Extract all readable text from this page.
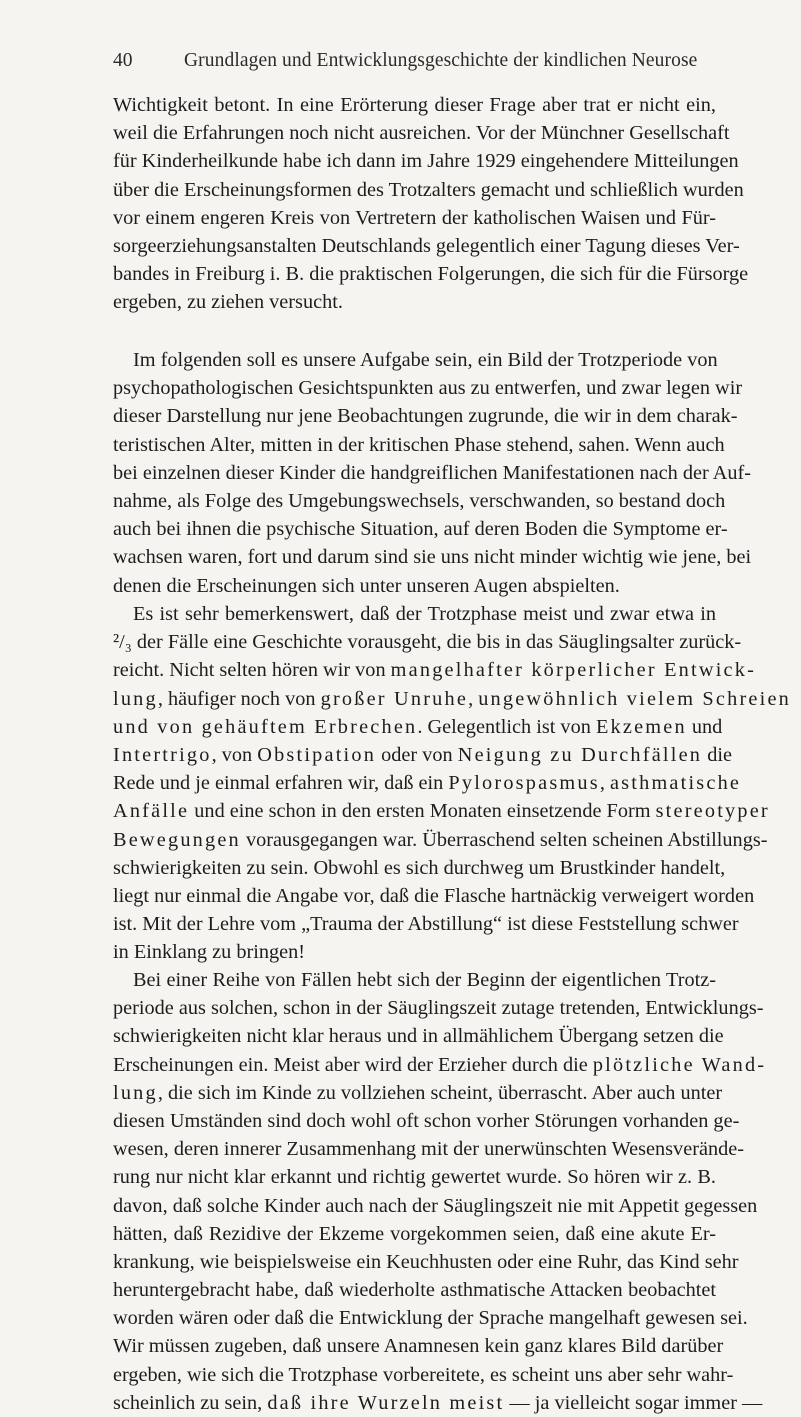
40	Grundlagen und Entwicklungsgeschichte der kindlichen Neurose
Wichtigkeit betont. In eine Erörterung dieser Frage aber trat er nicht ein,
weil die Erfahrungen noch nicht ausreichen. Vor der Münchner Gesellschaft
für Kinderheilkunde habe ich dann im Jahre 1929 eingehendere Mitteilungen
über die Erscheinungsformen des Trotzalters gemacht und schließlich wurden
vor einem engeren Kreis von Vertretern der katholischen Waisen und Für-
sorgeerziehungsanstalten Deutschlands gelegentlich einer Tagung dieses Ver-
bandes in Freiburg i. B. die praktischen Folgerungen, die sich für die Fürsorge
ergeben, zu ziehen versucht.
Im folgenden soll es unsere Aufgabe sein, ein Bild der Trotzperiode von
psychopathologischen Gesichtspunkten aus zu entwerfen, und zwar legen wir
dieser Darstellung nur jene Beobachtungen zugrunde, die wir in dem charak-
teristischen Alter, mitten in der kritischen Phase stehend, sahen. Wenn auch
bei einzelnen dieser Kinder die handgreiflichen Manifestationen nach der Auf-
nahme, als Folge des Umgebungswechsels, verschwanden, so bestand doch
auch bei ihnen die psychische Situation, auf deren Boden die Symptome er-
wachsen waren, fort und darum sind sie uns nicht minder wichtig wie jene, bei
denen die Erscheinungen sich unter unseren Augen abspielten.
Es ist sehr bemerkenswert, daß der Trotzphase meist und zwar etwa in
²/₃ der Fälle eine Geschichte vorausgeht, die bis in das Säuglingsalter zurück-
reicht. Nicht selten hören wir von mangelhafter körperlicher Entwick-
lung, häufiger noch von großer Unruhe, ungewöhnlich vielem Schreien
und von gehäuftem Erbrechen. Gelegentlich ist von Ekzemen und
Intertrigo, von Obstipation oder von Neigung zu Durchfällen die
Rede und je einmal erfahren wir, daß ein Pylorospasmus, asthmatische
Anfälle und eine schon in den ersten Monaten einsetzende Form stereotyper
Bewegungen vorausgegangen war. Überraschend selten scheinen Abstillungs-
schwierigkeiten zu sein. Obwohl es sich durchweg um Brustkinder handelt,
liegt nur einmal die Angabe vor, daß die Flasche hartnäckig verweigert worden
ist. Mit der Lehre vom „Trauma der Abstillung“ ist diese Feststellung schwer
in Einklang zu bringen!
Bei einer Reihe von Fällen hebt sich der Beginn der eigentlichen Trotz-
periode aus solchen, schon in der Säuglingszeit zutage tretenden, Entwicklungs-
schwierigkeiten nicht klar heraus und in allmählichem Übergang setzen die
Erscheinungen ein. Meist aber wird der Erzieher durch die plötzliche Wand-
lung, die sich im Kinde zu vollziehen scheint, überrascht. Aber auch unter
diesen Umständen sind doch wohl oft schon vorher Störungen vorhanden ge-
wesen, deren innerer Zusammenhang mit der unerwünschten Wesensverände-
rung nur nicht klar erkannt und richtig gewertet wurde. So hören wir z. B.
davon, daß solche Kinder auch nach der Säuglingszeit nie mit Appetit gegessen
hätten, daß Rezidive der Ekzeme vorgekommen seien, daß eine akute Er-
krankung, wie beispielsweise ein Keuchhusten oder eine Ruhr, das Kind sehr
heruntergebracht habe, daß wiederholte asthmatische Attacken beobachtet
worden wären oder daß die Entwicklung der Sprache mangelhaft gewesen sei.
Wir müssen zugeben, daß unsere Anamnesen kein ganz klares Bild darüber
ergeben, wie sich die Trotzphase vorbereitete, es scheint uns aber sehr wahr-
scheinlich zu sein, daß ihre Wurzeln meist — ja vielleicht sogar immer —
